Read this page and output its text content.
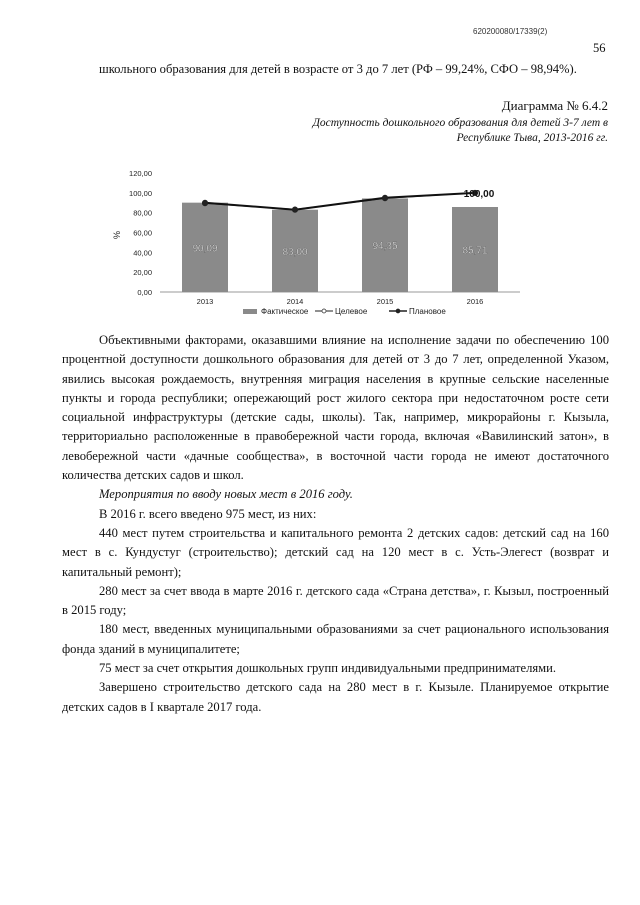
620200080/17339(2)
56

школьного образования для детей в возрасте от 3 до 7 лет (РФ – 99,24%, СФО – 98,94%).

Диаграмма № 6.4.2
Доступность дошкольного образования для детей 3-7 лет в Республике Тыва, 2013-2016 гг.
0,00
20,00
40,00
60,00
80,00
100,00
120,00
%
90,09
2013
83,00
2014
94,35
2015
85,71
2016
100,00
Фактическое	Целевое	Плановое

Объективными факторами, оказавшими влияние на исполнение задачи по обеспечению 100 процентной доступности дошкольного образования для детей от 3 до 7 лет, определенной Указом, явились высокая рождаемость, внутренняя миграция населения в крупные сельские населенные пункты и города республики; опережающий рост жилого сектора при недостаточном росте сети социальной инфраструктуры (детские сады, школы). Так, например, микрорайоны г. Кызыла, территориально расположенные в правобережной части города, включая «Вавилинский затон», в левобережной части «дачные сообщества», в восточной части города не имеют достаточного количества детских садов и школ.

Мероприятия по вводу новых мест в 2016 году.

В 2016 г. всего введено 975 мест, из них:

440 мест путем строительства и капитального ремонта 2 детских садов: детский сад на 160 мест в с. Кундустуг (строительство); детский сад на 120 мест в с. Усть-Элегест (возврат и капитальный ремонт);

280 мест за счет ввода в марте 2016 г. детского сада «Страна детства», г. Кызыл, построенный в 2015 году;

180 мест, введенных муниципальными образованиями за счет рационального использования фонда зданий в муниципалитете;

75 мест за счет открытия дошкольных групп индивидуальными предпринимателями.

Завершено строительство детского сада на 280 мест в г. Кызыле. Планируемое открытие детских садов в I квартале 2017 года.
